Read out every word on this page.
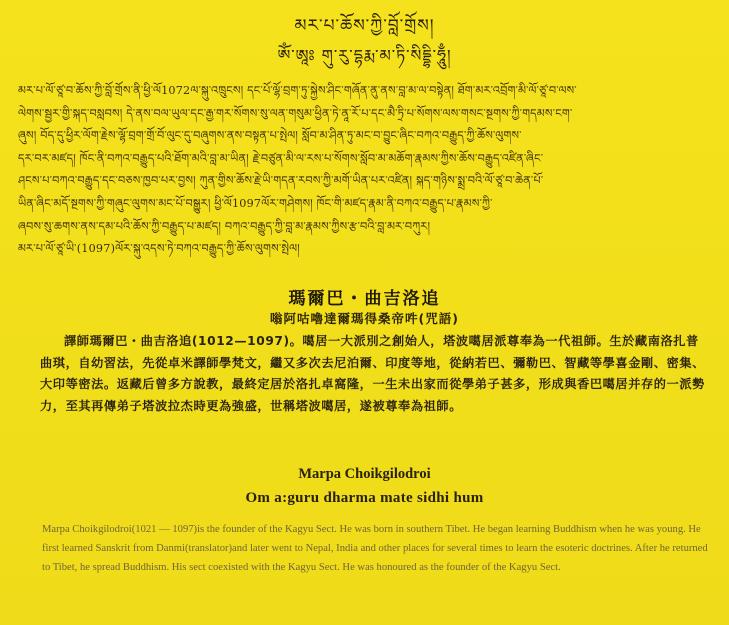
མར་པ་ཆོས་ཀྱི་བློ་གྲོས།
ཨོཾ་ཨཱཿ གུ་རུ་དྷརྨ་མ་ཏི་སིདྡྷི་ཧཱུྃ།
མར་པ་ལོ་ཙཱ་བ་ཆོས་ཀྱི་བློ་གྲོས་ནི་ཕྱི་ལོ1072ལ་སྐུ་འཁྲུངས། དང་པོ་ལྷོ་བྲག་ཏུ་སྐྱེས་ཤིང་གཞོན་ནུ་ནས་བླ་མ་ལ་བསྟེན། ཐོག་མར་འབྲོག་མི་ལོ་ཙཱ་བ་ལས་
ལེགས་སྦྱར་གྱི་སྐད་བསླབས། དེ་ནས་བལ་ཡུལ་དང་རྒྱ་གར་སོགས་སུ་ལན་གསུམ་ཕྱིན་ཏེ་ནཱ་རོ་པ་དང་མཻ་ཏྲི་པ་སོགས་ལས་གསང་སྔགས་ཀྱི་གདམས་ངག་
ཞུས། བོད་དུ་ཕྱིར་ལོག་རྗེས་ལྷོ་བྲག་གྲོ་བོ་ལུང་དུ་བཞུགས་ནས་བསྟན་པ་སྤེལ། སློབ་མ་ཤིན་ཏུ་མང་བ་བྱུང་ཞིང་བཀའ་བརྒྱུད་ཀྱི་ཆོས་ལུགས་
དར་བར་མཛད། ཁོང་ནི་བཀའ་བརྒྱུད་པའི་ཐོག་མའི་བླ་མ་ཡིན། རྗེ་བཙུན་མི་ལ་རས་པ་སོགས་སློབ་མ་མཆོག་རྣམས་ཀྱིས་ཆོས་བརྒྱུད་འཛིན་ཞིང་
ཤངས་པ་བཀའ་བརྒྱུད་དང་བཅས་ཁྱབ་པར་བྱས། ཀུན་གྱིས་ཆོས་རྗེ་ཡི་གདན་རབས་ཀྱི་མགོ་ཡིན་པར་འཛིན། སྐད་གཉིས་སྨྲ་བའི་ལོ་ཙཱ་བ་ཆེན་པོ་
ཡིན་ཞིང་མདོ་སྔགས་ཀྱི་གཞུང་ལུགས་མང་པོ་བསྒྱུར། ཕྱི་ལོ1097ལོར་གཤེགས། ཁོང་གི་མཛད་རྣམ་ནི་བཀའ་བརྒྱུད་པ་རྣམས་ཀྱི་
ཞབས་སུ་ཆགས་ནས་དམ་པའི་ཆོས་ཀྱི་བརྒྱུད་པ་མཛད། བཀའ་བརྒྱུད་ཀྱི་བླ་མ་རྣམས་ཀྱིས་རྩ་བའི་བླ་མར་བཀུར།
མར་པ་ལོ་ཙཱ་ཡི་(1097)ལོར་སྐུ་འདས་ཏེ་བཀའ་བརྒྱུད་ཀྱི་ཆོས་ལུགས་སྤེལ།
瑪爾巴・曲吉洛追
嗡阿咕嚕達爾瑪得桑帝吽(咒語)

譯師瑪爾巴・曲吉洛追(1012—1097)。噶居一大派別之創始人，塔波噶居派尊奉為一代祖師。生於藏南洛扎普曲琪，自幼習法，先從卓米譯師學梵文，繼又多次去尼泊爾、印度等地，從納若巴、彌勒巴、智藏等學喜金剛、密集、大印等密法。返藏后曾多方說教，最終定居於洛扎卓窩隆，一生未出家而從學弟子甚多，形成與香巴噶居并存的一派勢力，至其再傳弟子塔波拉杰時更為強盛，世稱塔波噶居，遂被尊奉為祖師。

Marpa Choikgilodroi
Om a:guru dharma mate sidhi hum

Marpa Choikgilodroi(1021 — 1097)is the founder of the Kagyu Sect. He was born in southern Tibet. He began learning Buddhism when he was young. He first learned Sanskrit from Danmi(translator)and later went to Nepal, India and other places for several times to learn the esoteric doctrines. After he returned to Tibet, he spread Buddhism. His sect coexisted with the Kagyu Sect. He was honoured as the founder of the Kagyu Sect.
